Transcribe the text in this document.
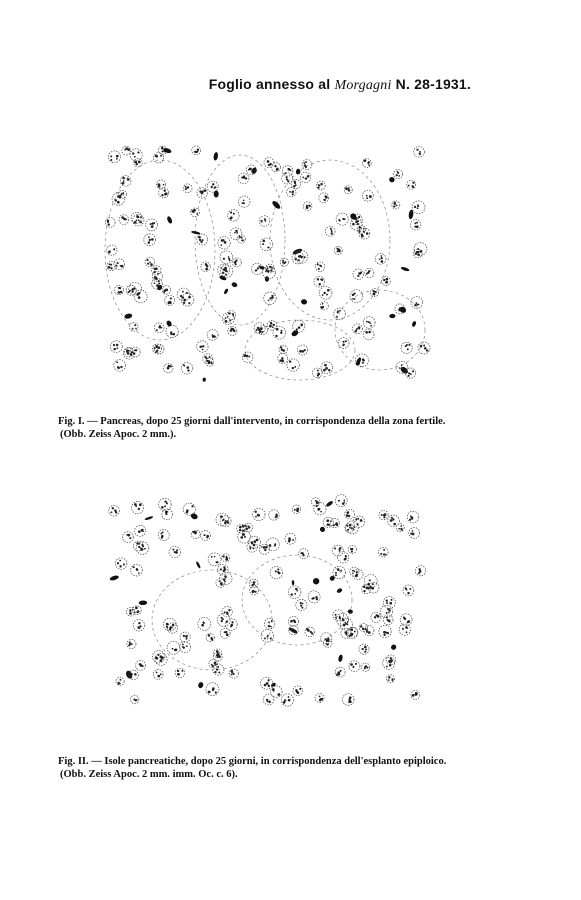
Foglio annesso al Morgagni N. 28-1931.
Fig. I. — Pancreas, dopo 25 giorni dall'intervento, in corrispondenza della zona fertile.
(Obb. Zeiss Apoc. 2 mm.).
Fig. II. — Isole pancreatiche, dopo 25 giorni, in corrispondenza dell'esplanto epiploico.
(Obb. Zeiss Apoc. 2 mm. imm. Oc. c. 6).
